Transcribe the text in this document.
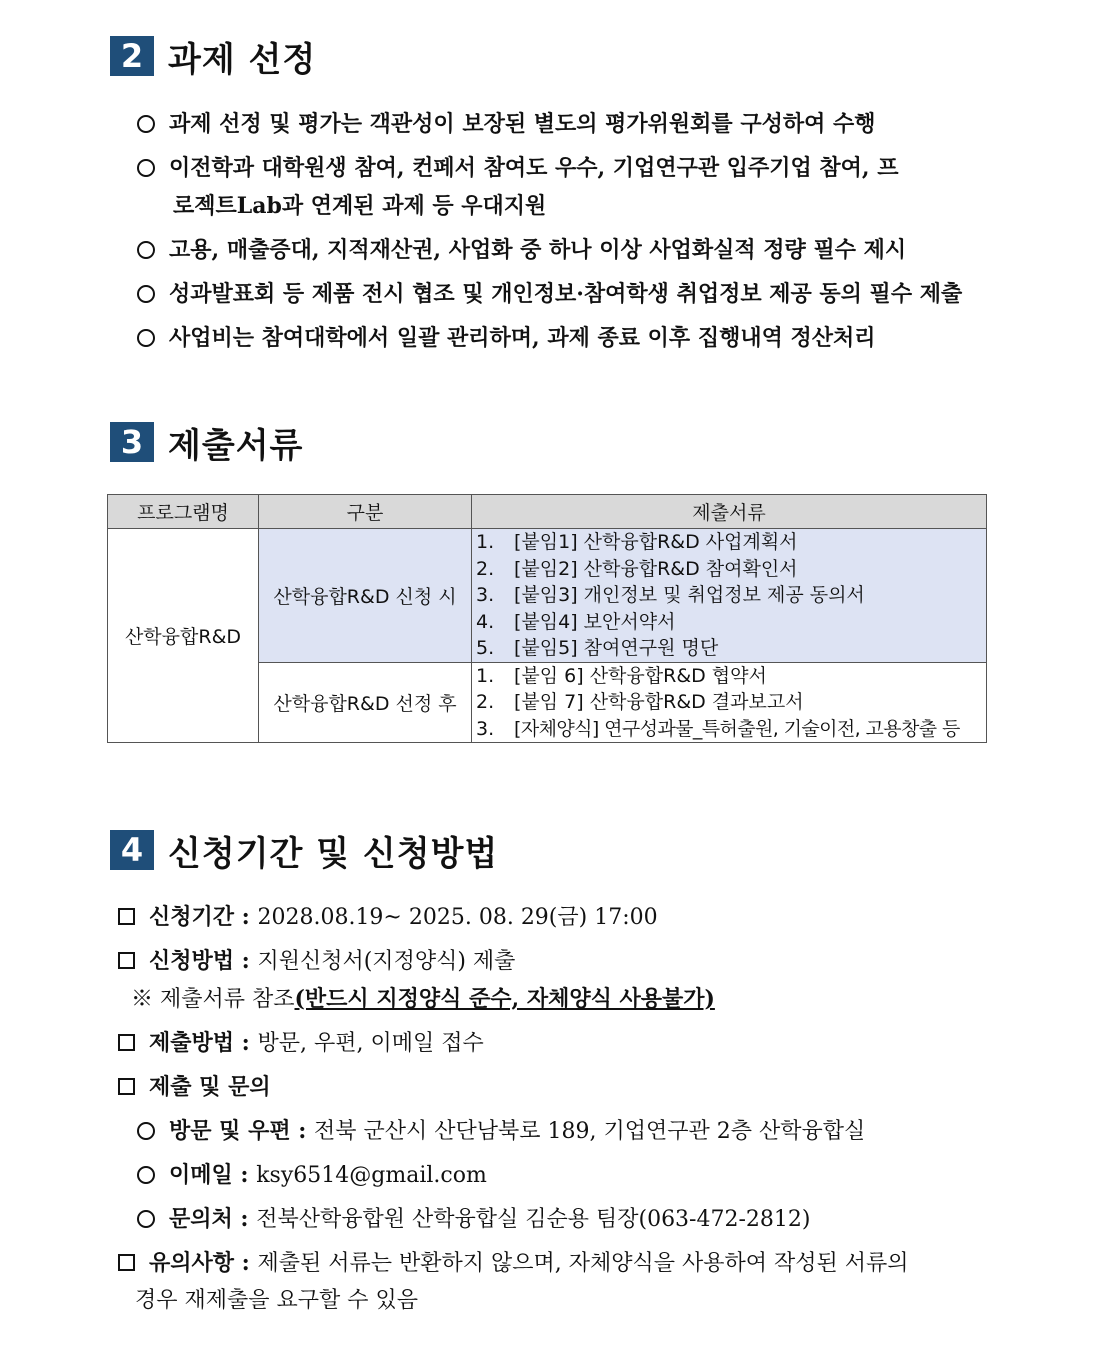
2 과제 선정
과제 선정 및 평가는 객관성이 보장된 별도의 평가위원회를 구성하여 수행
이전학과 대학원생 참여, 컨페서 참여도 우수, 기업연구관 입주기업 참여, 프
로젝트Lab과 연계된 과제 등 우대지원
고용, 매출증대, 지적재산권, 사업화 중 하나 이상 사업화실적 정량 필수 제시
성과발표회 등 제품 전시 협조 및 개인정보·참여학생 취업정보 제공 동의 필수 제출
사업비는 참여대학에서 일괄 관리하며, 과제 종료 이후 집행내역 정산처리
3 제출서류
프로그램명	구분	제출서류
산학융합R&D	산학융합R&D 신청 시	1. [붙임1] 산학융합R&D 사업계획서
2. [붙임2] 산학융합R&D 참여확인서
3. [붙임3] 개인정보 및 취업정보 제공 동의서
4. [붙임4] 보안서약서
5. [붙임5] 참여연구원 명단

	산학융합R&D 선정 후	1. [붙임 6] 산학융합R&D 협약서
2. [붙임 7] 산학융합R&D 결과보고서
3. [자체양식] 연구성과물_특허출원, 기술이전, 고용창출 등
4 신청기간 및 신청방법
신청기간 : 2028.08.19~ 2025. 08. 29(금) 17:00
신청방법 : 지원신청서(지정양식) 제출
※ 제출서류 참조(반드시 지정양식 준수, 자체양식 사용불가)
제출방법 : 방문, 우편, 이메일 접수
제출 및 문의
방문 및 우편 : 전북 군산시 산단남북로 189, 기업연구관 2층 산학융합실
이메일 : ksy6514@gmail.com
문의처 : 전북산학융합원 산학융합실 김순용 팀장(063-472-2812)
유의사항 : 제출된 서류는 반환하지 않으며, 자체양식을 사용하여 작성된 서류의
경우 재제출을 요구할 수 있음
